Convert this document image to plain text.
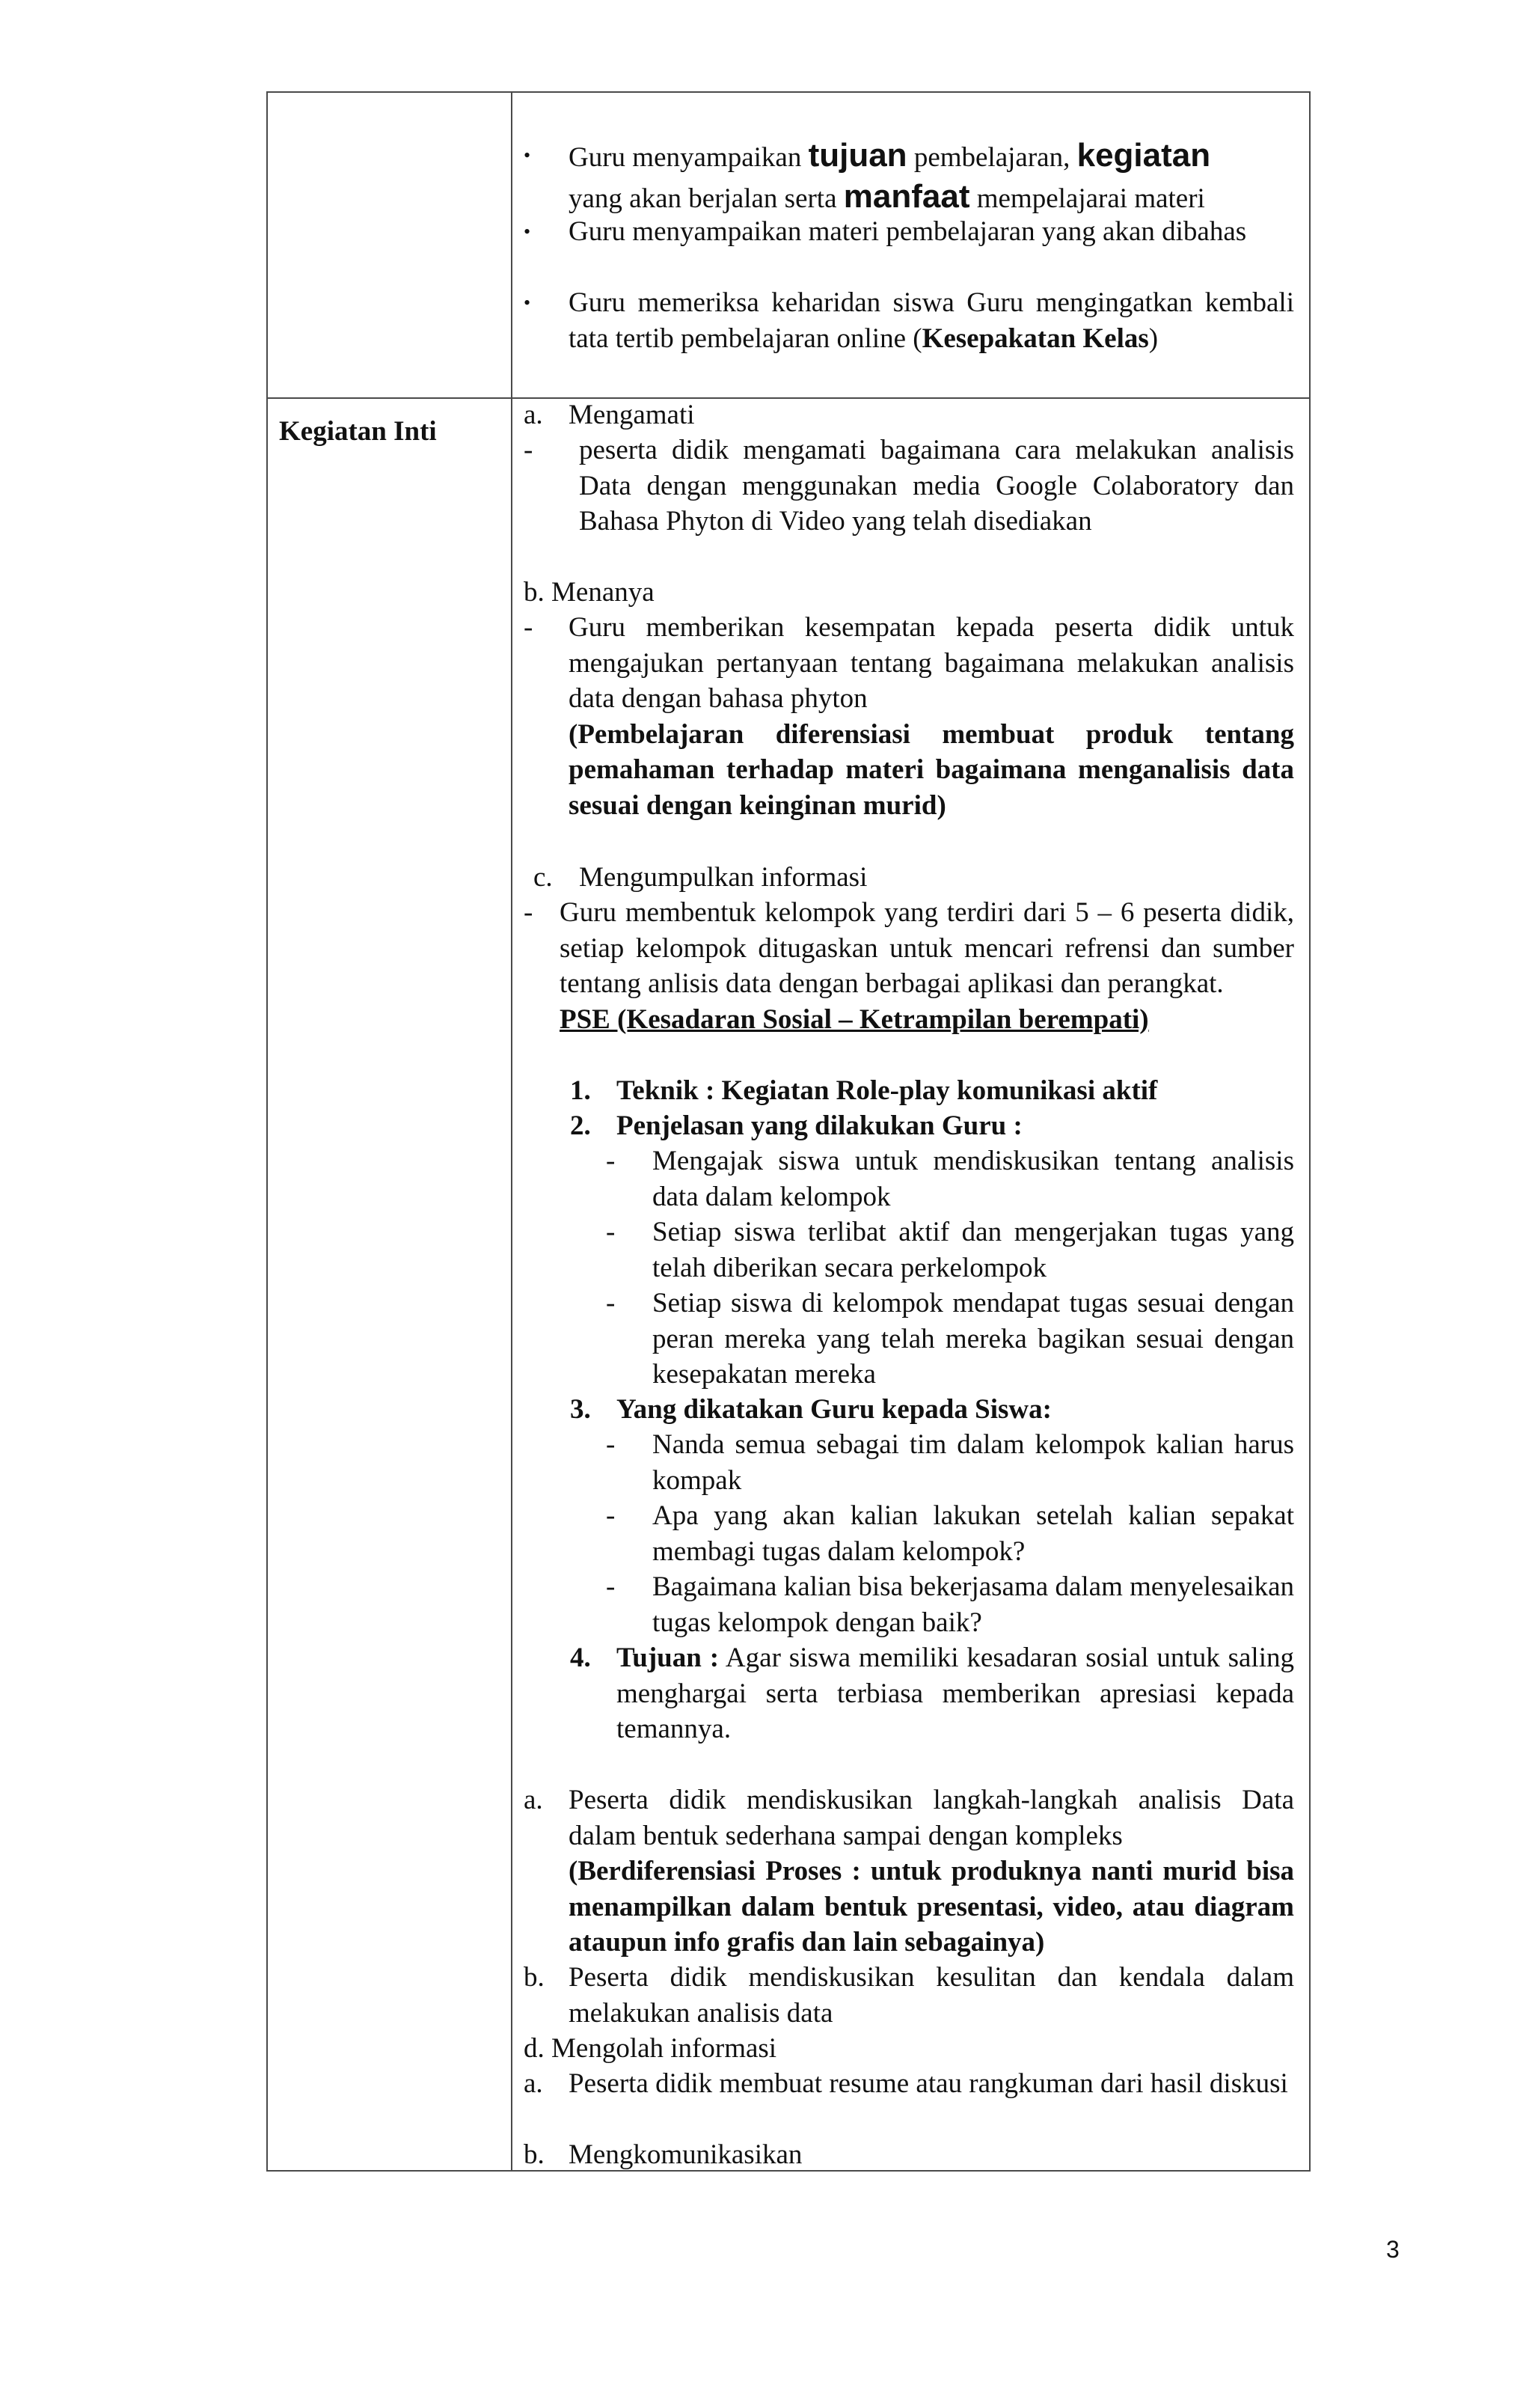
Kegiatan Inti
• Guru menyampaikan tujuan pembelajaran, kegiatan
yang akan berjalan serta manfaat mempelajarai materi
• Guru menyampaikan materi pembelajaran yang akan dibahas
• Guru memeriksa keharidan siswa Guru mengingatkan kembali tata tertib pembelajaran online (Kesepakatan Kelas)
a. Mengamati
- peserta didik mengamati bagaimana cara melakukan analisis Data dengan menggunakan media Google Colaboratory dan Bahasa Phyton di Video yang telah disediakan
b. Menanya
- Guru memberikan kesempatan kepada peserta didik untuk mengajukan pertanyaan tentang bagaimana melakukan analisis data dengan bahasa phyton
(Pembelajaran diferensiasi membuat produk tentang pemahaman terhadap materi bagaimana menganalisis data sesuai dengan keinginan murid)
c. Mengumpulkan informasi
- Guru membentuk kelompok yang terdiri dari 5 – 6 peserta didik, setiap kelompok ditugaskan untuk mencari refrensi dan sumber tentang anlisis data dengan berbagai aplikasi dan perangkat.
PSE (Kesadaran Sosial – Ketrampilan berempati)
1. Teknik : Kegiatan Role-play komunikasi aktif
2. Penjelasan yang dilakukan Guru :
- Mengajak siswa untuk mendiskusikan tentang analisis data dalam kelompok
- Setiap siswa terlibat aktif dan mengerjakan tugas yang telah diberikan secara perkelompok
- Setiap siswa di kelompok mendapat tugas sesuai dengan peran mereka yang telah mereka bagikan sesuai dengan kesepakatan mereka
3. Yang dikatakan Guru kepada Siswa:
- Nanda semua sebagai tim dalam kelompok kalian harus kompak
- Apa yang akan kalian lakukan setelah kalian sepakat membagi tugas dalam kelompok?
- Bagaimana kalian bisa bekerjasama dalam menyelesaikan tugas kelompok dengan baik?
4. Tujuan : Agar siswa memiliki kesadaran sosial untuk saling menghargai serta terbiasa memberikan apresiasi kepada temannya.
a. Peserta didik mendiskusikan langkah-langkah analisis Data dalam bentuk sederhana sampai dengan kompleks
(Berdiferensiasi Proses : untuk produknya nanti murid bisa menampilkan dalam bentuk presentasi, video, atau diagram ataupun info grafis dan lain sebagainya)
b. Peserta didik mendiskusikan kesulitan dan kendala dalam melakukan analisis data
d. Mengolah informasi
a. Peserta didik membuat resume atau rangkuman dari hasil diskusi
b. Mengkomunikasikan
3
